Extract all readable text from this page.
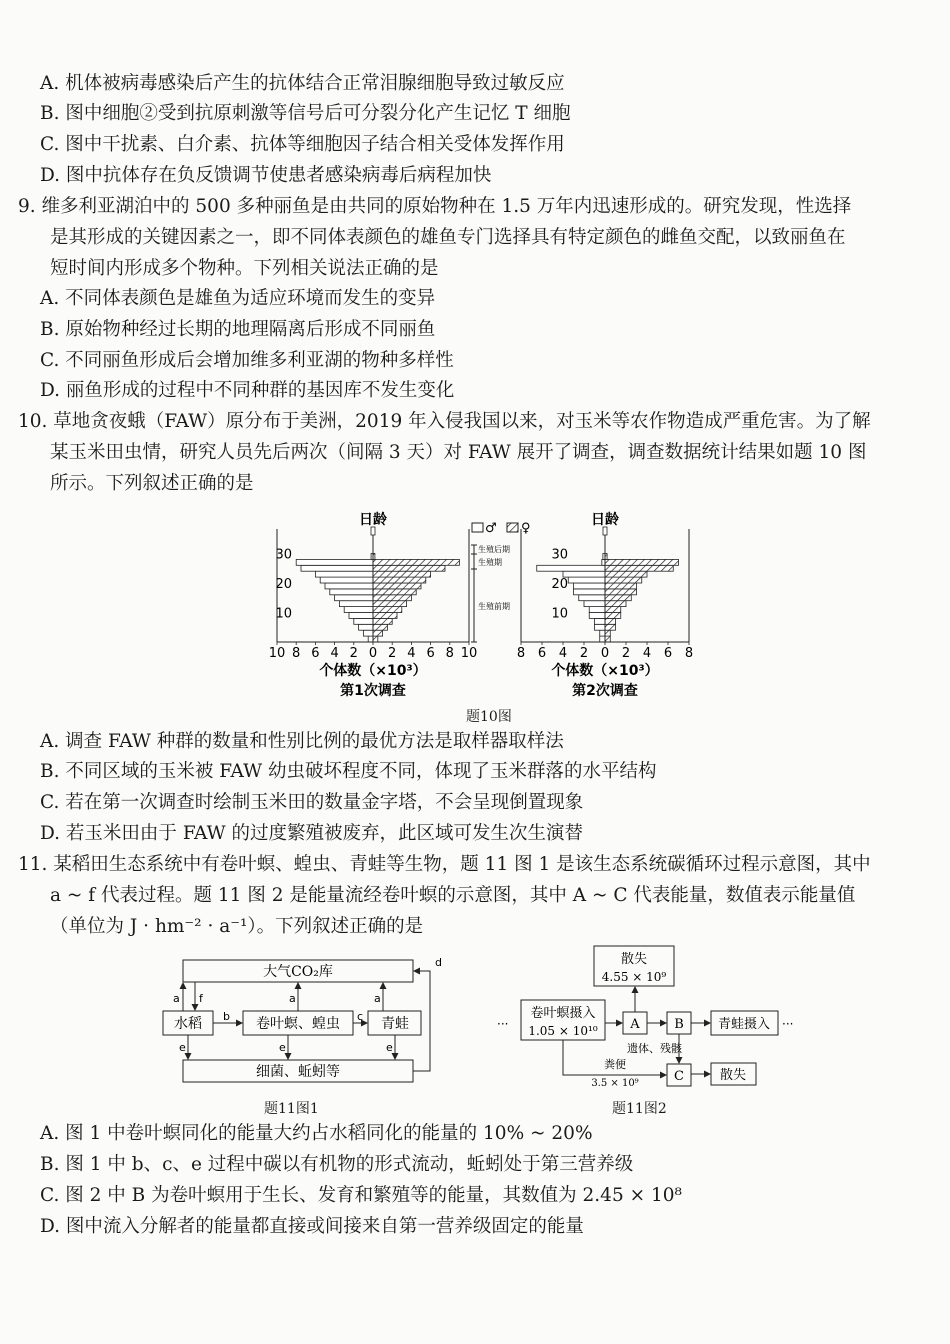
A. 机体被病毒感染后产生的抗体结合正常泪腺细胞导致过敏反应
B. 图中细胞②受到抗原刺激等信号后可分裂分化产生记忆 T 细胞
C. 图中干扰素、白介素、抗体等细胞因子结合相关受体发挥作用
D. 图中抗体存在负反馈调节使患者感染病毒后病程加快
9. 维多利亚湖泊中的 500 多种丽鱼是由共同的原始物种在 1.5 万年内迅速形成的。研究发现，性选择
是其形成的关键因素之一，即不同体表颜色的雄鱼专门选择具有特定颜色的雌鱼交配，以致丽鱼在
短时间内形成多个物种。下列相关说法正确的是
A. 不同体表颜色是雄鱼为适应环境而发生的变异
B. 原始物种经过长期的地理隔离后形成不同丽鱼
C. 不同丽鱼形成后会增加维多利亚湖的物种多样性
D. 丽鱼形成的过程中不同种群的基因库不发生变化
10. 草地贪夜蛾（FAW）原分布于美洲，2019 年入侵我国以来，对玉米等农作物造成严重危害。为了解
某玉米田虫情，研究人员先后两次（间隔 3 天）对 FAW 展开了调查，调查数据统计结果如题 10 图
所示。下列叙述正确的是
10 8 6 4 2 0 2 4 6 8 10
10
20
30
日龄
个体数（×10³）
第1次调查
8 6 4 2 0 2 4 6 8
10
20
30
日龄
个体数（×10³）
第2次调查
♂ ♀
生殖后期
生殖期
生殖前期
题10图
A. 调查 FAW 种群的数量和性别比例的最优方法是取样器取样法
B. 不同区域的玉米被 FAW 幼虫破坏程度不同，体现了玉米群落的水平结构
C. 若在第一次调查时绘制玉米田的数量金字塔，不会呈现倒置现象
D. 若玉米田由于 FAW 的过度繁殖被废弃，此区域可发生次生演替
11. 某稻田生态系统中有卷叶螟、蝗虫、青蛙等生物，题 11 图 1 是该生态系统碳循环过程示意图，其中
a ~ f 代表过程。题 11 图 2 是能量流经卷叶螟的示意图，其中 A ~ C 代表能量，数值表示能量值
（单位为 J · hm⁻² · a⁻¹）。下列叙述正确的是
大气CO₂库
水稻	卷叶螟、蝗虫	青蛙
细菌、蚯蚓等
a f	a	a
b	c
e	e	e
d
题11图1
···	···
散失
4.55 × 10⁹
卷叶螟摄入
1.05 × 10¹⁰	A	B	青蛙摄入
C	散失
遗体、残骸
粪便
3.5 × 10⁹
题11图2
A. 图 1 中卷叶螟同化的能量大约占水稻同化的能量的 10% ~ 20%
B. 图 1 中 b、c、e 过程中碳以有机物的形式流动，蚯蚓处于第三营养级
C. 图 2 中 B 为卷叶螟用于生长、发育和繁殖等的能量，其数值为 2.45 × 10⁸
D. 图中流入分解者的能量都直接或间接来自第一营养级固定的能量
